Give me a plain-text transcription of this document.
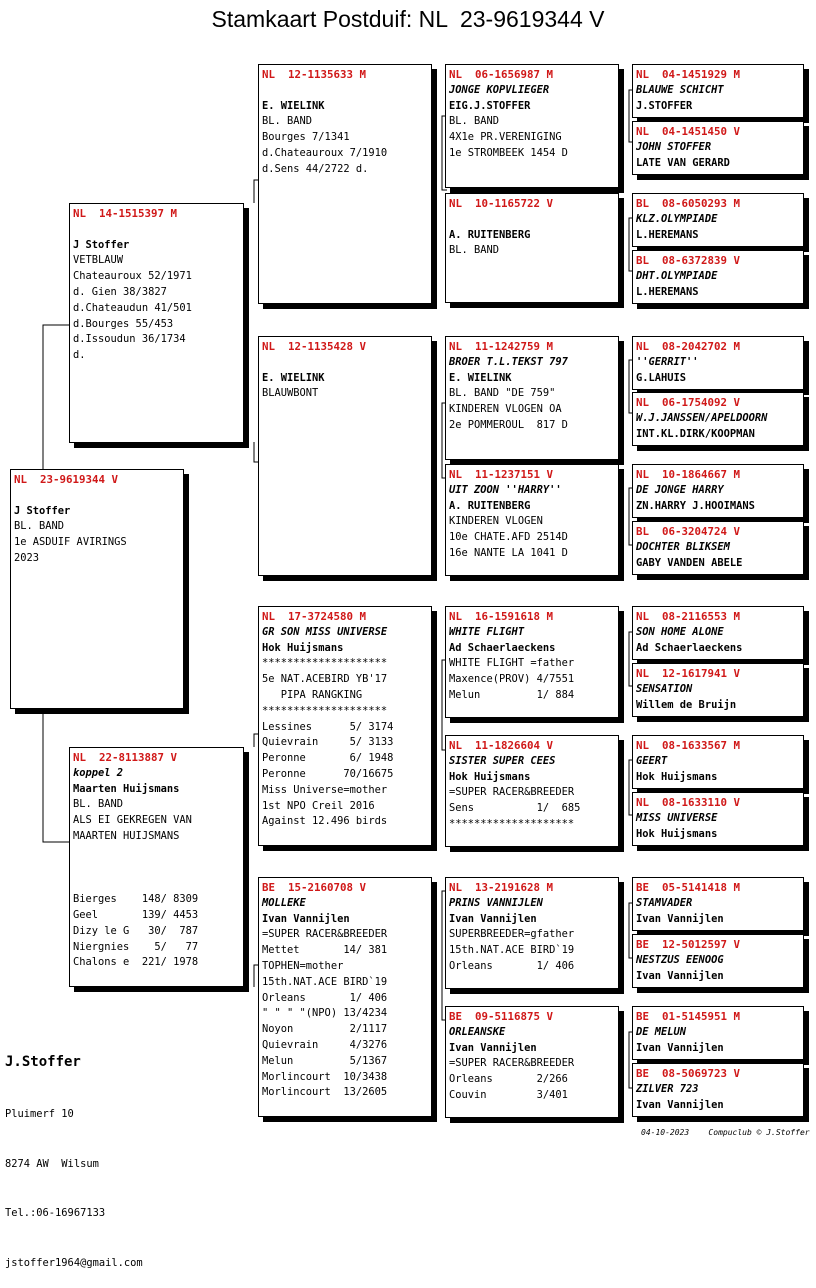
Stamkaart Postduif: NL  23-9619344 V
NL  23-9619344 V
J Stoffer
BL. BAND
1e ASDUIF AVIRINGS
2023
NL  14-1515397 M
J Stoffer
VETBLAUW
Chateauroux 52/1971
d. Gien 38/3827
d.Chateaudun 41/501
d.Bourges 55/453
d.Issoudun 36/1734
d.
NL  22-8113887 V
koppel 2
Maarten Huijsmans
BL. BAND
ALS EI GEKREGEN VAN
MAARTEN HUIJSMANS
Bierges    148/ 8309
Geel       139/ 4453
Dizy le G   30/  787
Niergnies    5/   77
Chalons e  221/ 1978
NL  12-1135633 M
E. WIELINK
BL. BAND
Bourges 7/1341
d.Chateauroux 7/1910
d.Sens 44/2722 d.
NL  12-1135428 V
E. WIELINK
BLAUWBONT
NL  17-3724580 M
GR SON MISS UNIVERSE
Hok Huijsmans
********************
5e NAT.ACEBIRD YB'17
PIPA RANGKING
********************
Lessines      5/ 3174
Quievrain     5/ 3133
Peronne       6/ 1948
Peronne      70/16675
Miss Universe=mother
1st NPO Creil 2016
Against 12.496 birds
BE  15-2160708 V
MOLLEKE
Ivan Vannijlen
=SUPER RACER&BREEDER
Mettet       14/ 381
TOPHEN=mother
15th.NAT.ACE BIRD`19
Orleans       1/ 406
" " " "(NPO) 13/4234
Noyon         2/1117
Quievrain     4/3276
Melun         5/1367
Morlincourt  10/3438
Morlincourt  13/2605
NL  06-1656987 M
JONGE KOPVLIEGER
EIG.J.STOFFER
BL. BAND
4X1e PR.VERENIGING
1e STROMBEEK 1454 D
NL  10-1165722 V
A. RUITENBERG
BL. BAND
NL  11-1242759 M
BROER T.L.TEKST 797
E. WIELINK
BL. BAND "DE 759"
KINDEREN VLOGEN OA
2e POMMEROUL  817 D
NL  11-1237151 V
UIT ZOON ''HARRY''
A. RUITENBERG
KINDEREN VLOGEN
10e CHATE.AFD 2514D
16e NANTE LA 1041 D
NL  16-1591618 M
WHITE FLIGHT
Ad Schaerlaeckens
WHITE FLIGHT =father
Maxence(PROV) 4/7551
Melun         1/ 884
NL  11-1826604 V
SISTER SUPER CEES
Hok Huijsmans
=SUPER RACER&BREEDER
Sens          1/  685
********************
NL  13-2191628 M
PRINS VANNIJLEN
Ivan Vannijlen
SUPERBREEDER=gfather
15th.NAT.ACE BIRD`19
Orleans       1/ 406
BE  09-5116875 V
ORLEANSKE
Ivan Vannijlen
=SUPER RACER&BREEDER
Orleans       2/266
Couvin        3/401
NL  04-1451929 M
BLAUWE SCHICHT
J.STOFFER
NL  04-1451450 V
JOHN STOFFER
LATE VAN GERARD
BL  08-6050293 M
KLZ.OLYMPIADE
L.HEREMANS
BL  08-6372839 V
DHT.OLYMPIADE
L.HEREMANS
NL  08-2042702 M
''GERRIT''
G.LAHUIS
NL  06-1754092 V
W.J.JANSSEN/APELDOORN
INT.KL.DIRK/KOOPMAN
NL  10-1864667 M
DE JONGE HARRY
ZN.HARRY J.HOOIMANS
BL  06-3204724 V
DOCHTER BLIKSEM
GABY VANDEN ABELE
NL  08-2116553 M
SON HOME ALONE
Ad Schaerlaeckens
NL  12-1617941 V
SENSATION
Willem de Bruijn
NL  08-1633567 M
GEERT
Hok Huijsmans
NL  08-1633110 V
MISS UNIVERSE
Hok Huijsmans
BE  05-5141418 M
STAMVADER
Ivan Vannijlen
BE  12-5012597 V
NESTZUS EENOOG
Ivan Vannijlen
BE  01-5145951 M
DE MELUN
Ivan Vannijlen
BE  08-5069723 V
ZILVER 723
Ivan Vannijlen

J.Stoffer

Pluimerf 10

8274 AW  Wilsum

Tel.:06-16967133

jstoffer1964@gmail.com

04-10-2023    Compuclub © J.Stoffer
